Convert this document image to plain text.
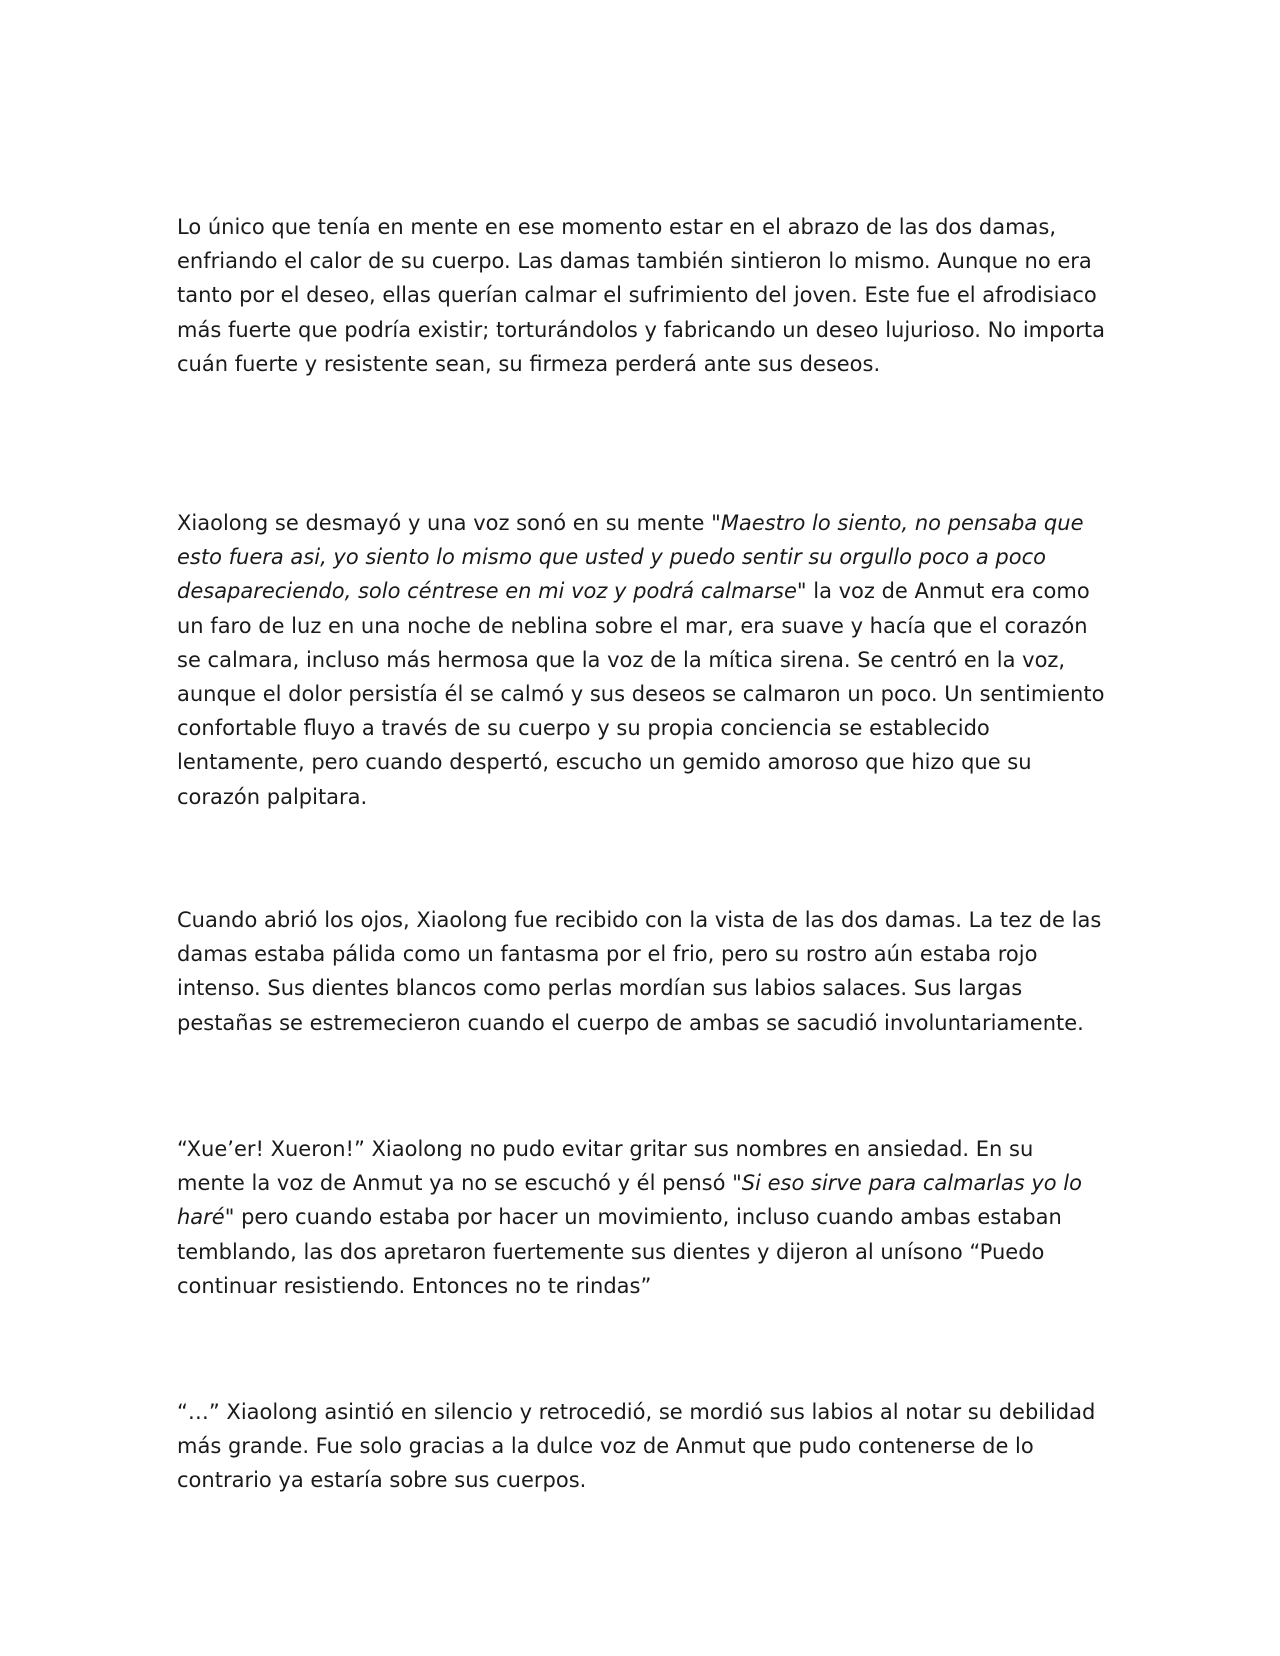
Lo único que tenía en mente en ese momento estar en el abrazo de las dos damas, enfriando el calor de su cuerpo. Las damas también sintieron lo mismo. Aunque no era tanto por el deseo, ellas querían calmar el sufrimiento del joven. Este fue el afrodisiaco más fuerte que podría existir; torturándolos y fabricando un deseo lujurioso. No importa cuán fuerte y resistente sean, su firmeza perderá ante sus deseos.

Xiaolong se desmayó y una voz sonó en su mente "Maestro lo siento, no pensaba que esto fuera asi, yo siento lo mismo que usted y puedo sentir su orgullo poco a poco desapareciendo, solo céntrese en mi voz y podrá calmarse" la voz de Anmut era como un faro de luz en una noche de neblina sobre el mar, era suave y hacía que el corazón se calmara, incluso más hermosa que la voz de la mítica sirena. Se centró en la voz, aunque el dolor persistía él se calmó y sus deseos se calmaron un poco. Un sentimiento confortable fluyo a través de su cuerpo y su propia conciencia se establecido lentamente, pero cuando despertó, escucho un gemido amoroso que hizo que su corazón palpitara.

Cuando abrió los ojos, Xiaolong fue recibido con la vista de las dos damas. La tez de las damas estaba pálida como un fantasma por el frio, pero su rostro aún estaba rojo intenso. Sus dientes blancos como perlas mordían sus labios salaces. Sus largas pestañas se estremecieron cuando el cuerpo de ambas se sacudió involuntariamente.

“Xue’er! Xueron!” Xiaolong no pudo evitar gritar sus nombres en ansiedad. En su mente la voz de Anmut ya no se escuchó y él pensó "Si eso sirve para calmarlas yo lo haré" pero cuando estaba por hacer un movimiento, incluso cuando ambas estaban temblando, las dos apretaron fuertemente sus dientes y dijeron al unísono “Puedo continuar resistiendo. Entonces no te rindas”

“…” Xiaolong asintió en silencio y retrocedió, se mordió sus labios al notar su debilidad más grande. Fue solo gracias a la dulce voz de Anmut que pudo contenerse de lo contrario ya estaría sobre sus cuerpos.
